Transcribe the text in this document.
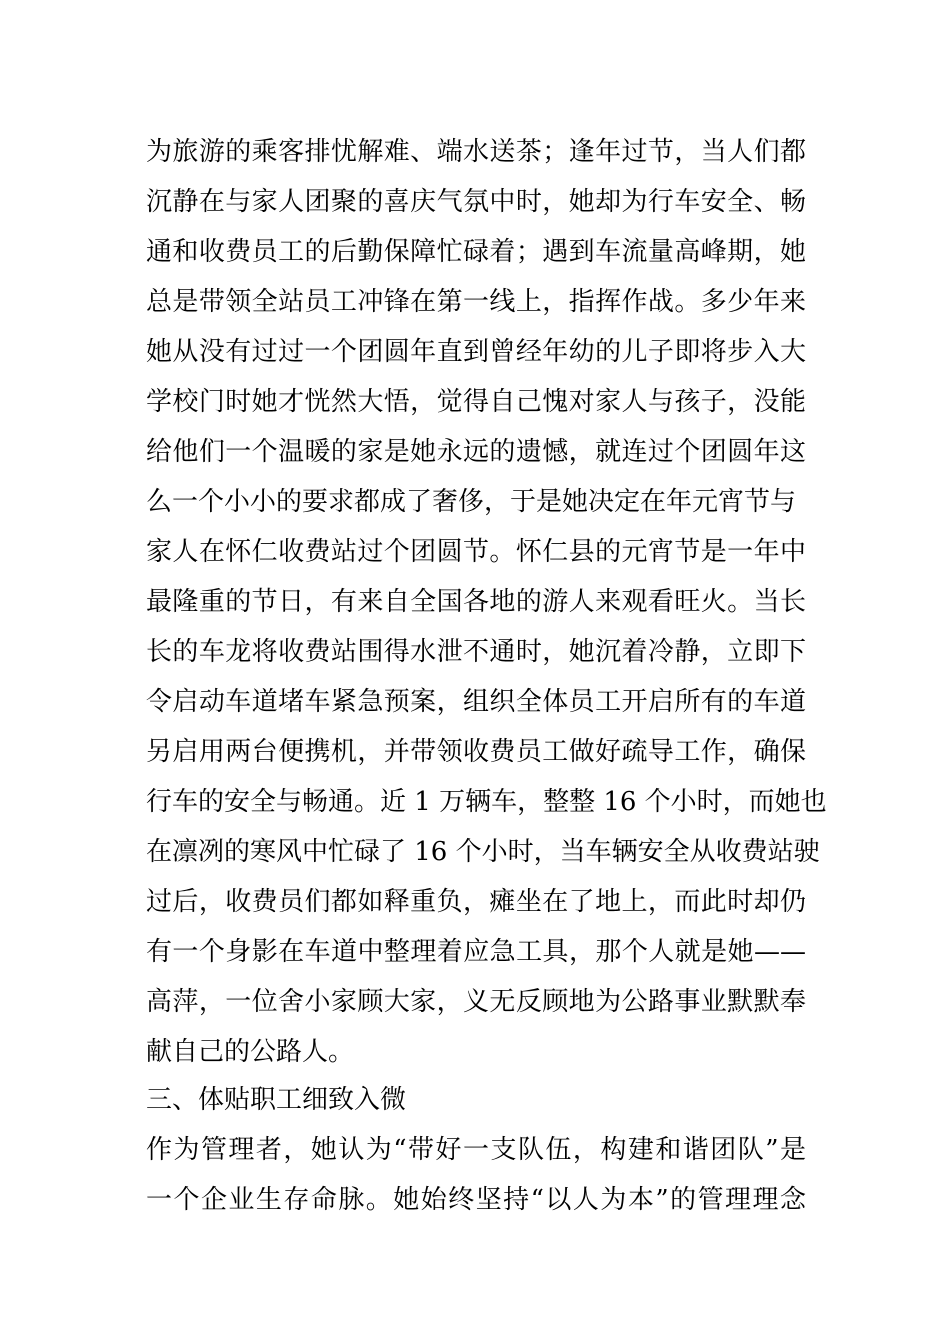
为旅游的乘客排忧解难、端水送茶；逢年过节，当人们都
沉静在与家人团聚的喜庆气氛中时，她却为行车安全、畅
通和收费员工的后勤保障忙碌着；遇到车流量高峰期，她
总是带领全站员工冲锋在第一线上，指挥作战。多少年来
她从没有过过一个团圆年直到曾经年幼的儿子即将步入大
学校门时她才恍然大悟，觉得自己愧对家人与孩子，没能
给他们一个温暖的家是她永远的遗憾，就连过个团圆年这
么一个小小的要求都成了奢侈，于是她决定在年元宵节与
家人在怀仁收费站过个团圆节。怀仁县的元宵节是一年中
最隆重的节日，有来自全国各地的游人来观看旺火。当长
长的车龙将收费站围得水泄不通时，她沉着冷静，立即下
令启动车道堵车紧急预案，组织全体员工开启所有的车道
另启用两台便携机，并带领收费员工做好疏导工作，确保
行车的安全与畅通。近 1 万辆车，整整 16 个小时，而她也
在凛冽的寒风中忙碌了 16 个小时，当车辆安全从收费站驶
过后，收费员们都如释重负，瘫坐在了地上，而此时却仍
有一个身影在车道中整理着应急工具，那个人就是她——
高萍，一位舍小家顾大家，义无反顾地为公路事业默默奉
献自己的公路人。
三、体贴职工细致入微
作为管理者，她认为“带好一支队伍，构建和谐团队”是
一个企业生存命脉。她始终坚持“以人为本”的管理理念
